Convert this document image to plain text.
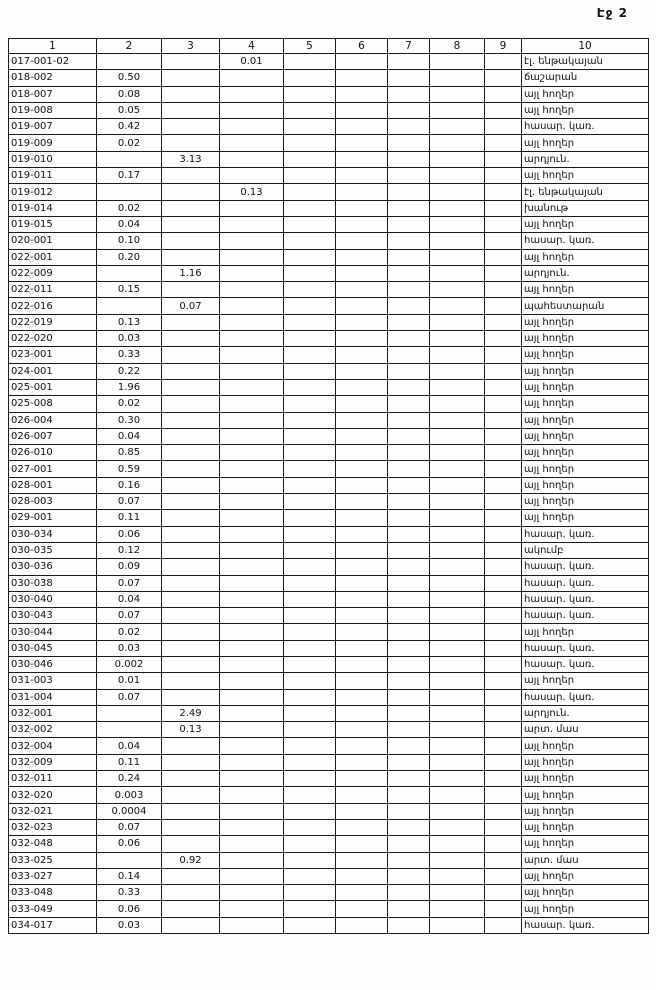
Էջ 2
1	2	3	4	5	6	7	8	9	10
017-001-02			0.01						էլ. ենթակայան
018-002	0.50								ճաշարան
018-007	0.08								այլ հողեր
019-008	0.05								այլ հողեր
019-007	0.42								հասար. կառ.
019-009	0.02								այլ հողեր
019-010		3.13							արդյուն.
019-011	0.17								այլ հողեր
019-012			0.13						էլ. ենթակայան
019-014	0.02								խանութ
019-015	0.04								այլ հողեր
020-001	0.10								հասար. կառ.
022-001	0.20								այլ հողեր
022-009		1.16							արդյուն.
022-011	0.15								այլ հողեր
022-016		0.07							պահեստարան
022-019	0.13								այլ հողեր
022-020	0.03								այլ հողեր
023-001	0.33								այլ հողեր
024-001	0.22								այլ հողեր
025-001	1.96								այլ հողեր
025-008	0.02								այլ հողեր
026-004	0.30								այլ հողեր
026-007	0.04								այլ հողեր
026-010	0.85								այլ հողեր
027-001	0.59								այլ հողեր
028-001	0.16								այլ հողեր
028-003	0.07								այլ հողեր
029-001	0.11								այլ հողեր
030-034	0.06								հասար. կառ.
030-035	0.12								ակումբ
030-036	0.09								հասար. կառ.
030-038	0.07								հասար. կառ.
030-040	0.04								հասար. կառ.
030-043	0.07								հասար. կառ.
030-044	0.02								այլ հողեր
030-045	0.03								հասար. կառ.
030-046	0.002								հասար. կառ.
031-003	0.01								այլ հողեր
031-004	0.07								հասար. կառ.
032-001		2.49							արդյուն.
032-002		0.13							արտ. մաս
032-004	0.04								այլ հողեր
032-009	0.11								այլ հողեր
032-011	0.24								այլ հողեր
032-020	0.003								այլ հողեր
032-021	0.0004								այլ հողեր
032-023	0.07								այլ հողեր
032-048	0.06								այլ հողեր
033-025		0.92							արտ. մաս
033-027	0.14								այլ հողեր
033-048	0.33								այլ հողեր
033-049	0.06								այլ հողեր
034-017	0.03								հասար. կառ.
